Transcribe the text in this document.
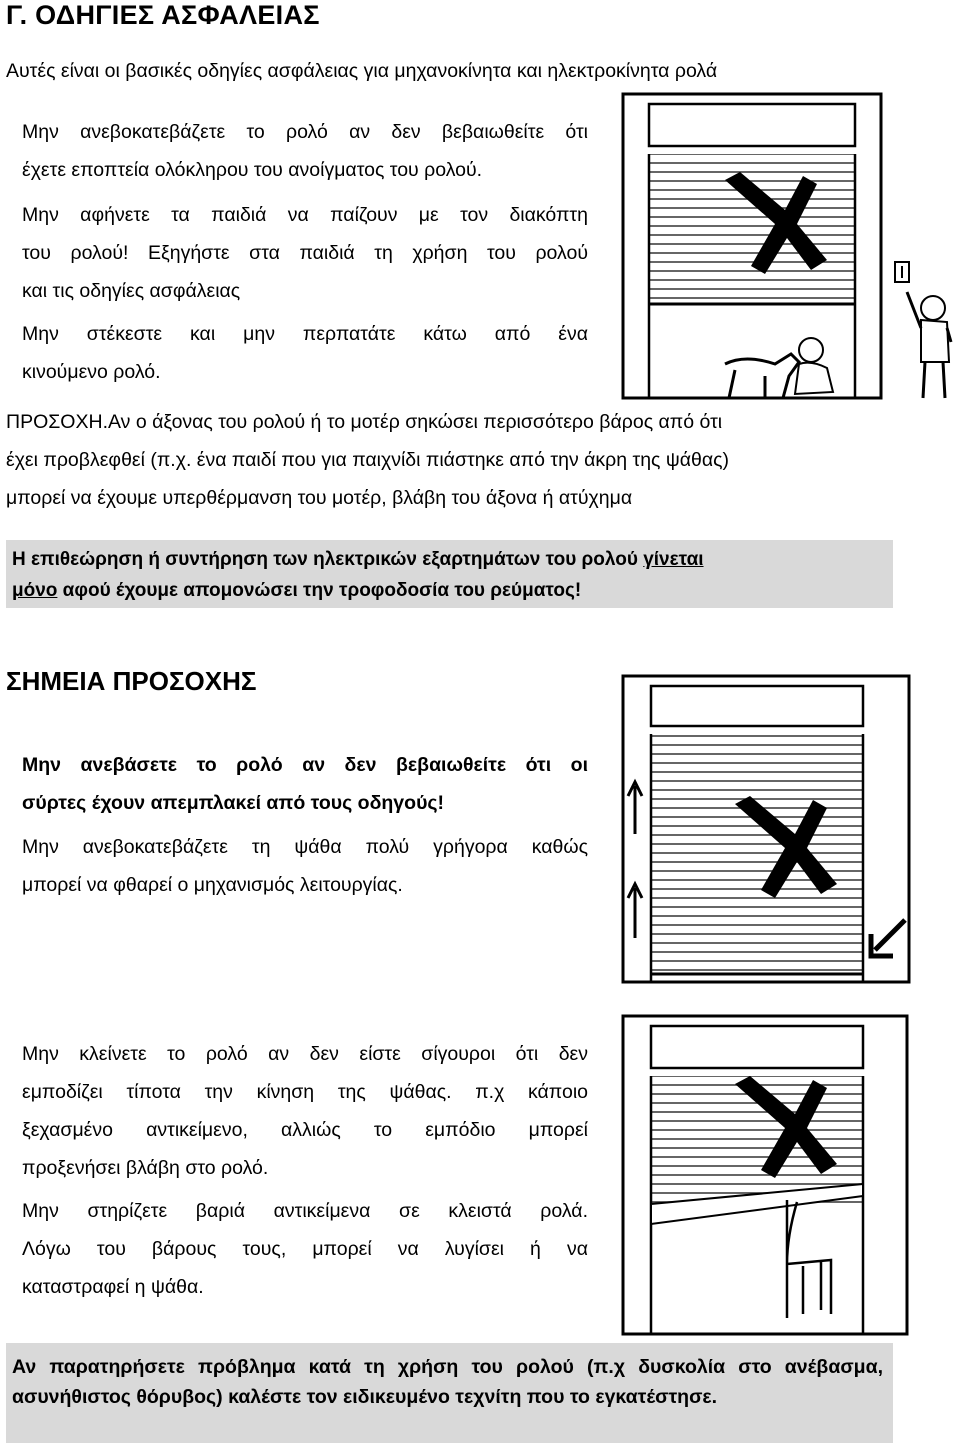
Γ. ΟΔΗΓΙΕΣ ΑΣΦΑΛΕΙΑΣ
Αυτές είναι οι βασικές οδηγίες ασφάλειας για μηχανοκίνητα και ηλεκτροκίνητα ρολά
Μην ανεβοκατεβάζετε το ρολό αν δεν βεβαιωθείτε ότι
έχετε εποπτεία ολόκληρου του ανοίγματος του ρολού.
Μην αφήνετε τα παιδιά να παίζουν με τον διακόπτη
του ρολού! Εξηγήστε στα παιδιά τη χρήση του ρολού
και τις οδηγίες ασφάλειας
Μην στέκεστε και μην περπατάτε κάτω από ένα
κινούμενο ρολό.
ΠΡΟΣΟΧΗ.Αν ο άξονας του ρολού ή το μοτέρ σηκώσει περισσότερο βάρος από ότι
έχει προβλεφθεί (π.χ. ένα παιδί που για παιχνίδι πιάστηκε από την άκρη της ψάθας)
μπορεί να έχουμε υπερθέρμανση του μοτέρ, βλάβη του άξονα ή ατύχημα
Η επιθεώρηση ή συντήρηση των ηλεκτρικών εξαρτημάτων του ρολού γίνεται
μόνο αφού έχουμε απομονώσει την τροφοδοσία του ρεύματος!
ΣΗΜΕΙΑ ΠΡΟΣΟΧΗΣ
Μην ανεβάσετε το ρολό αν δεν βεβαιωθείτε ότι οι
σύρτες έχουν απεμπλακεί από τους οδηγούς!
Μην ανεβοκατεβάζετε τη ψάθα πολύ γρήγορα καθώς
μπορεί να φθαρεί ο μηχανισμός λειτουργίας.
Μην κλείνετε το ρολό αν δεν είστε σίγουροι ότι δεν
εμποδίζει τίποτα την κίνηση της ψάθας. π.χ κάποιο
ξεχασμένο αντικείμενο, αλλιώς το εμπόδιο μπορεί
προξενήσει βλάβη στο ρολό.
Μην στηρίζετε βαριά αντικείμενα σε κλειστά ρολά.
Λόγω του βάρους τους, μπορεί να λυγίσει ή να
καταστραφεί η ψάθα.
Αν παρατηρήσετε πρόβλημα κατά τη χρήση του ρολού (π.χ δυσκολία στο ανέβασμα, ασυνήθιστος θόρυβος) καλέστε τον ειδικευμένο τεχνίτη που το εγκατέστησε.
